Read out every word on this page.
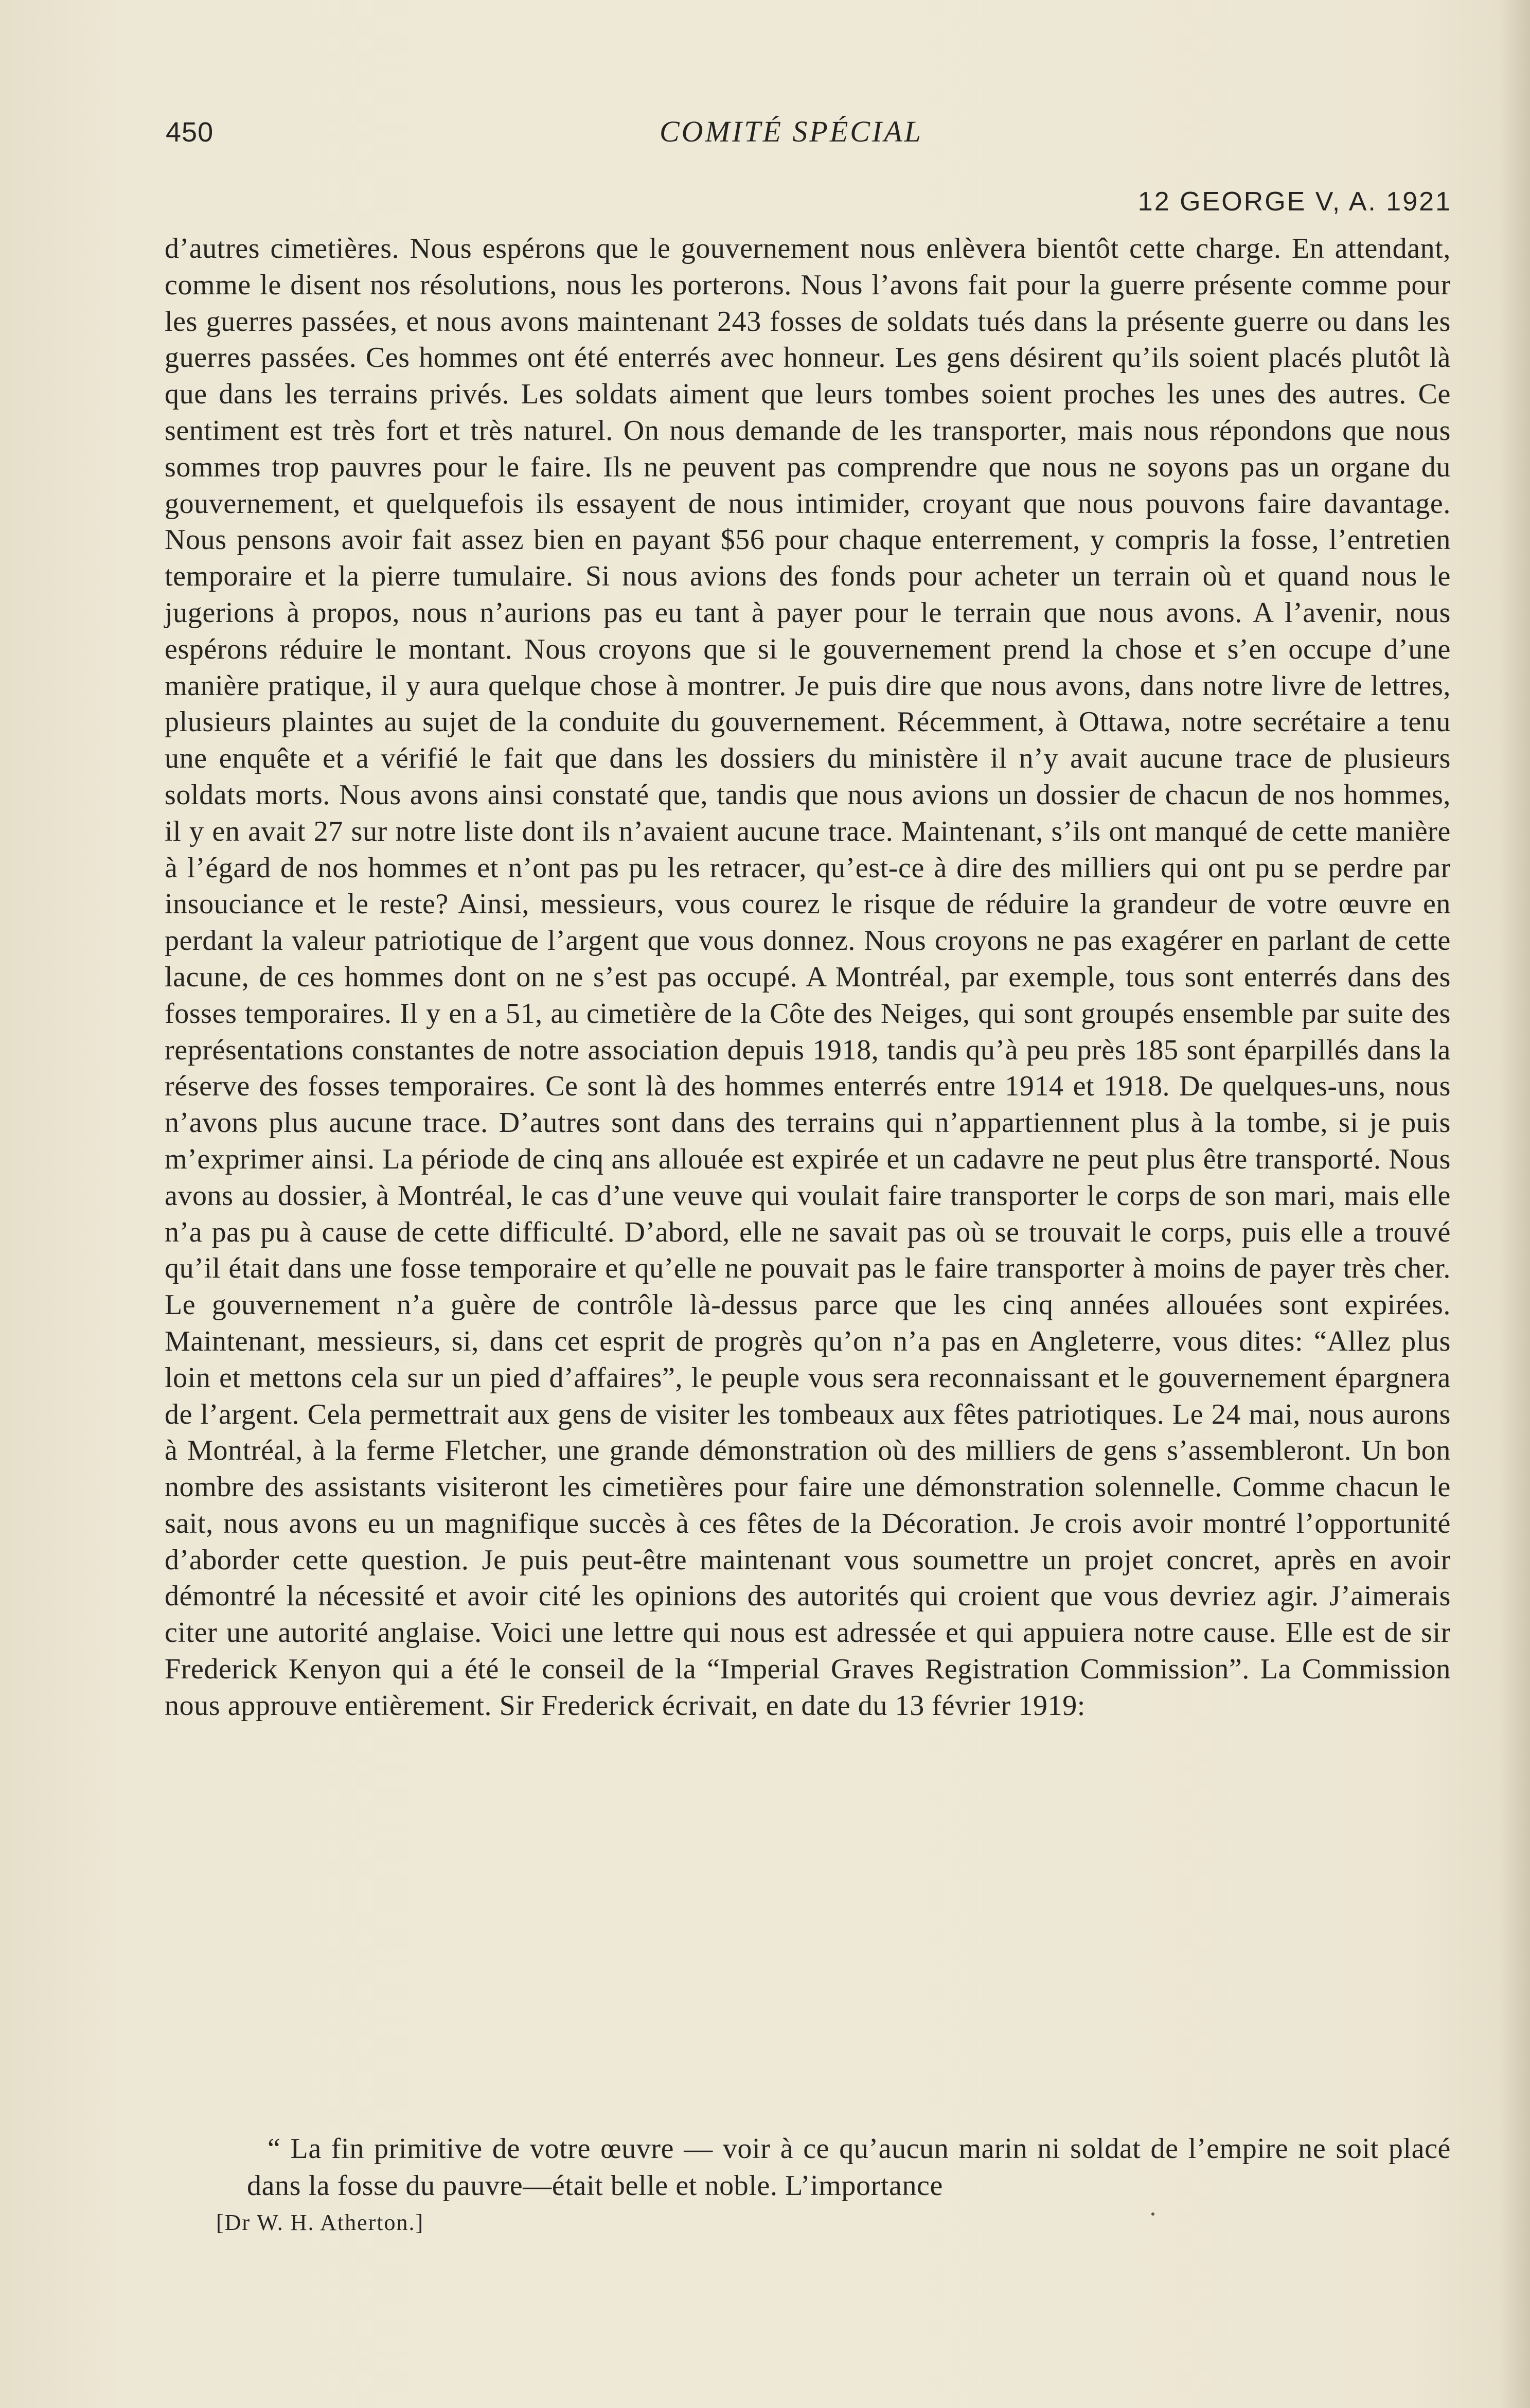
450	COMITÉ SPÉCIAL
12 GEORGE V, A. 1921

d’autres cimetières. Nous espérons que le gouvernement nous enlèvera bientôt cette charge. En attendant, comme le disent nos résolutions, nous les porterons. Nous l’avons fait pour la guerre présente comme pour les guerres passées, et nous avons maintenant 243 fosses de soldats tués dans la présente guerre ou dans les guerres passées. Ces hommes ont été enterrés avec honneur. Les gens désirent qu’ils soient placés plutôt là que dans les terrains privés. Les soldats aiment que leurs tombes soient proches les unes des autres. Ce sentiment est très fort et très naturel. On nous demande de les transporter, mais nous répondons que nous sommes trop pauvres pour le faire. Ils ne peuvent pas comprendre que nous ne soyons pas un organe du gouvernement, et quelquefois ils essayent de nous intimider, croyant que nous pouvons faire davantage. Nous pensons avoir fait assez bien en payant $56 pour chaque enterrement, y compris la fosse, l’entretien temporaire et la pierre tumulaire. Si nous avions des fonds pour acheter un terrain où et quand nous le jugerions à propos, nous n’aurions pas eu tant à payer pour le terrain que nous avons. A l’avenir, nous espérons réduire le montant. Nous croyons que si le gouvernement prend la chose et s’en occupe d’une manière pratique, il y aura quelque chose à montrer. Je puis dire que nous avons, dans notre livre de lettres, plusieurs plaintes au sujet de la conduite du gouvernement. Récemment, à Ottawa, notre secrétaire a tenu une enquête et a vérifié le fait que dans les dossiers du ministère il n’y avait aucune trace de plusieurs soldats morts. Nous avons ainsi constaté que, tandis que nous avions un dossier de chacun de nos hommes, il y en avait 27 sur notre liste dont ils n’avaient aucune trace. Maintenant, s’ils ont manqué de cette manière à l’égard de nos hommes et n’ont pas pu les retracer, qu’est-ce à dire des milliers qui ont pu se perdre par insouciance et le reste? Ainsi, messieurs, vous courez le risque de réduire la grandeur de votre œuvre en perdant la valeur patriotique de l’argent que vous donnez. Nous croyons ne pas exagérer en parlant de cette lacune, de ces hommes dont on ne s’est pas occupé. A Montréal, par exemple, tous sont enterrés dans des fosses temporaires. Il y en a 51, au cimetière de la Côte des Neiges, qui sont groupés ensemble par suite des représentations constantes de notre association depuis 1918, tandis qu’à peu près 185 sont éparpillés dans la réserve des fosses temporaires. Ce sont là des hommes enterrés entre 1914 et 1918. De quelques-uns, nous n’avons plus aucune trace. D’autres sont dans des terrains qui n’appartiennent plus à la tombe, si je puis m’exprimer ainsi. La période de cinq ans allouée est expirée et un cadavre ne peut plus être transporté. Nous avons au dossier, à Montréal, le cas d’une veuve qui voulait faire transporter le corps de son mari, mais elle n’a pas pu à cause de cette difficulté. D’abord, elle ne savait pas où se trouvait le corps, puis elle a trouvé qu’il était dans une fosse temporaire et qu’elle ne pouvait pas le faire transporter à moins de payer très cher. Le gouvernement n’a guère de contrôle là-dessus parce que les cinq années allouées sont expirées. Maintenant, messieurs, si, dans cet esprit de progrès qu’on n’a pas en Angleterre, vous dites: “Allez plus loin et mettons cela sur un pied d’affaires”, le peuple vous sera reconnaissant et le gouvernement épargnera de l’argent. Cela permettrait aux gens de visiter les tombeaux aux fêtes patriotiques. Le 24 mai, nous aurons à Montréal, à la ferme Fletcher, une grande démonstration où des milliers de gens s’assembleront. Un bon nombre des assistants visiteront les cimetières pour faire une démonstration solennelle. Comme chacun le sait, nous avons eu un magnifique succès à ces fêtes de la Décoration. Je crois avoir montré l’opportunité d’aborder cette question. Je puis peut-être maintenant vous soumettre un projet concret, après en avoir démontré la nécessité et avoir cité les opinions des autorités qui croient que vous devriez agir. J’aimerais citer une autorité anglaise. Voici une lettre qui nous est adressée et qui appuiera notre cause. Elle est de sir Frederick Kenyon qui a été le conseil de la “Imperial Graves Registration Commission”. La Commission nous approuve entièrement. Sir Frederick écrivait, en date du 13 février 1919:

“ La fin primitive de votre œuvre — voir à ce qu’aucun marin ni soldat de l’empire ne soit placé dans la fosse du pauvre—était belle et noble. L’importance

[Dr W. H. Atherton.]
